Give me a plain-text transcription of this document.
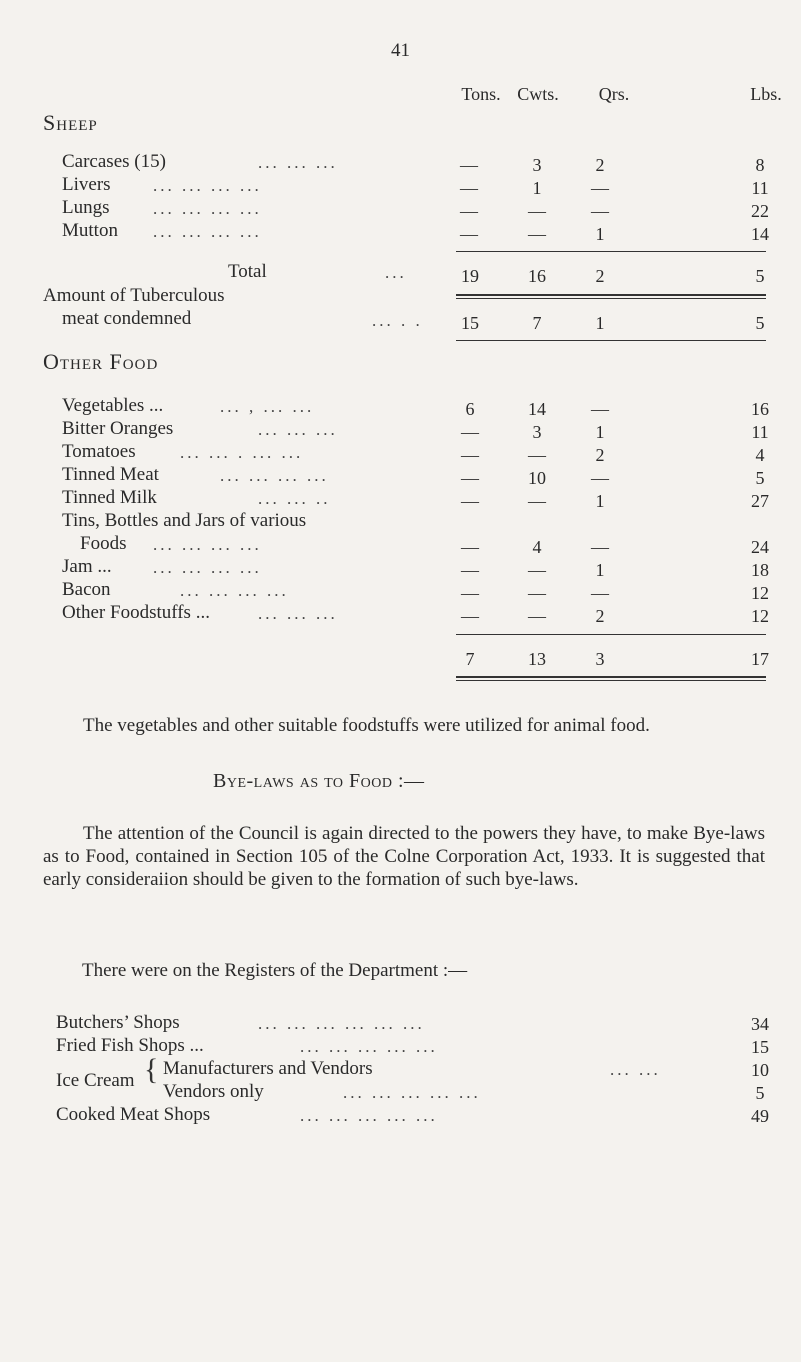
41
Tons. Cwts.	Qrs.	Lbs.
Sheep
Carcases (15)	... ... ...	—	3	2	8
Livers ... ... ... ...	—	1	—	11
Lungs	... ... ... ...	—	—	—	22
Mutton ... ... ... ...	—	—	1	14
Total	...	19	16	2	5
Amount of Tuberculous
meat condemned	... . .	15	7	1	5
Other Food
Vegetables ...	... , ... ...	6	14	—	16
Bitter Oranges	... ... ...	—	3	1	11
Tomatoes	... ... . ... ...	—	—	2	4
Tinned Meat	... ... ... ...	—	10	—	5
Tinned Milk	... ... ..	—	—	1	27
Tins, Bottles and Jars of various
Foods ... ... ... ...	—	4	—	24
Jam ... ... ... ... ...	—	—	1	18
Bacon	... ... ... ...	—	—	—	12
Other Foodstuffs ...	... ... ...	—	—	2	12
7	13	3	17
The vegetables and other suitable foodstuffs were utilized for animal food.
Bye-laws as to Food :—
The attention of the Council is again directed to the powers they have, to make Bye-laws as to Food, contained in Section 105 of the Colne Corporation Act, 1933. It is suggested that early consideraiion should be given to the formation of such bye-laws.
There were on the Registers of the Department :—
Butchers’ Shops	... ... ... ... ... ...	34
Fried Fish Shops ...	... ... ... ... ...	15
Ice Cream { Manufacturers and Vendors	... ...	10
Vendors only	... ... ... ... ...	5
Cooked Meat Shops	... ... ... ... ...	49
